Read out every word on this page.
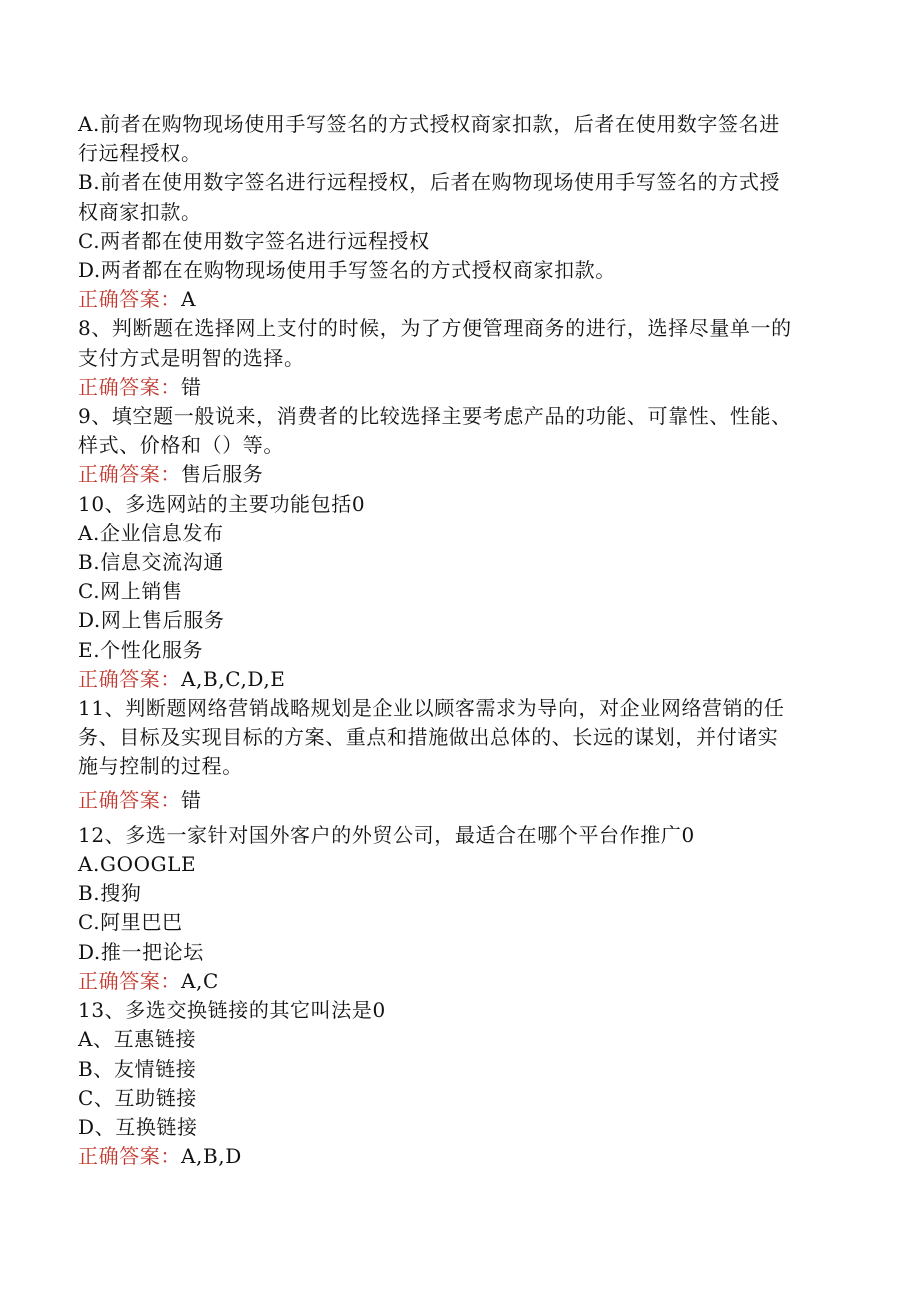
A.前者在购物现场使用手写签名的方式授权商家扣款，后者在使用数字签名进
行远程授权。
B.前者在使用数字签名进行远程授权，后者在购物现场使用手写签名的方式授
权商家扣款。
C.两者都在使用数字签名进行远程授权
D.两者都在在购物现场使用手写签名的方式授权商家扣款。
正确答案：A
8、判断题在选择网上支付的时候，为了方便管理商务的进行，选择尽量单一的
支付方式是明智的选择。
正确答案：错
9、填空题一般说来，消费者的比较选择主要考虑产品的功能、可靠性、性能、
样式、价格和（）等。
正确答案：售后服务
10、多选网站的主要功能包括0
A.企业信息发布
B.信息交流沟通
C.网上销售
D.网上售后服务
E.个性化服务
正确答案：A,B,C,D,E
11、判断题网络营销战略规划是企业以顾客需求为导向，对企业网络营销的任
务、目标及实现目标的方案、重点和措施做出总体的、长远的谋划，并付诸实
施与控制的过程。
正确答案：错
12、多选一家针对国外客户的外贸公司，最适合在哪个平台作推广0
A.GOOGLE
B.搜狗
C.阿里巴巴
D.推一把论坛
正确答案：A,C
13、多选交换链接的其它叫法是0
A、互惠链接
B、友情链接
C、互助链接
D、互换链接
正确答案：A,B,D
